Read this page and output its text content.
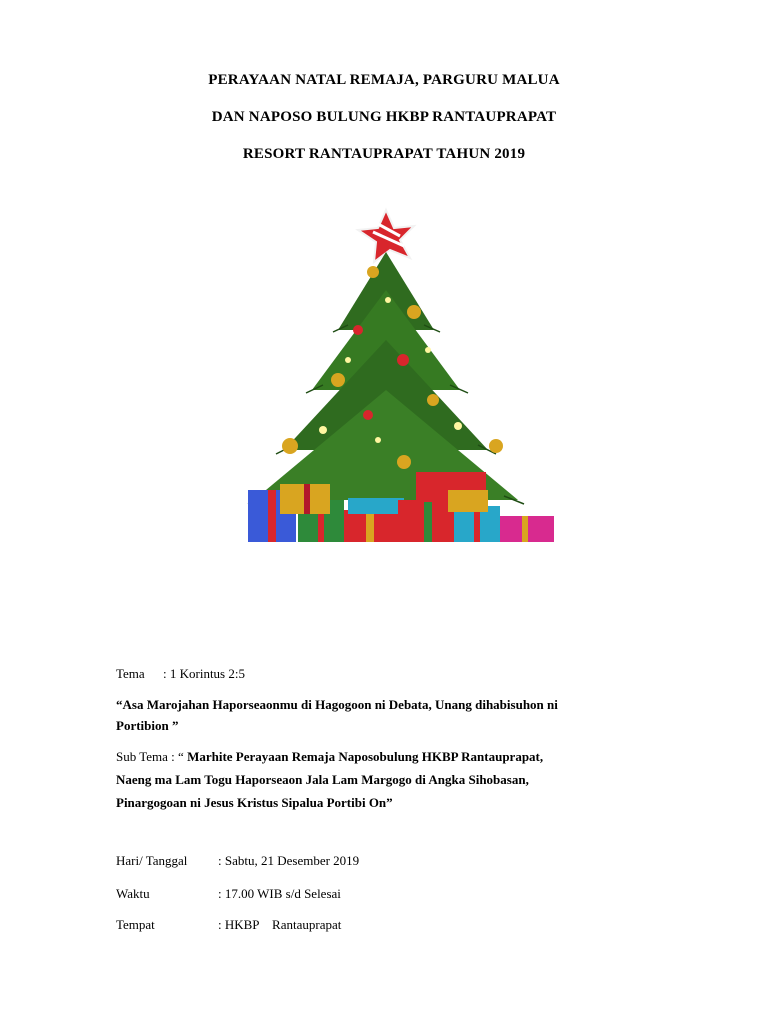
PERAYAAN NATAL REMAJA, PARGURU MALUA
DAN NAPOSO BULUNG HKBP RANTAUPRAPAT
RESORT RANTAUPRAPAT TAHUN 2019
Tema : 1 Korintus 2:5
“Asa Marojahan Haporseaonmu di Hagogoon ni Debata, Unang dihabisuhon ni
Portibion ”
Sub Tema : “ Marhite Perayaan Remaja Naposobulung HKBP Rantauprapat,
Naeng ma Lam Togu Haporseaon Jala Lam Margogo di Angka Sihobasan,
Pinargogoan ni Jesus Kristus Sipalua Portibi On”
Hari/ Tanggal : Sabtu, 21 Desember 2019
Waktu	: 17.00 WIB s/d Selesai
Tempat	: HKBP    Rantauprapat
